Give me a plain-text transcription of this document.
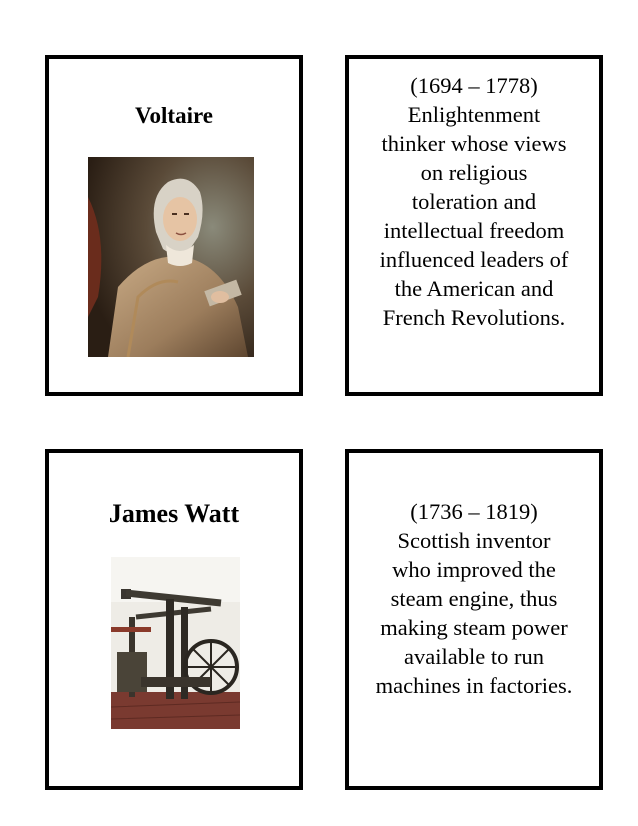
Voltaire
(1694 – 1778)
Enlightenment
thinker whose views
on religious
toleration and
intellectual freedom
influenced leaders of
the American and
French Revolutions.
James Watt	(1736 – 1819)
Scottish inventor
who improved the
steam engine, thus
making steam power
available to run
machines in factories.
